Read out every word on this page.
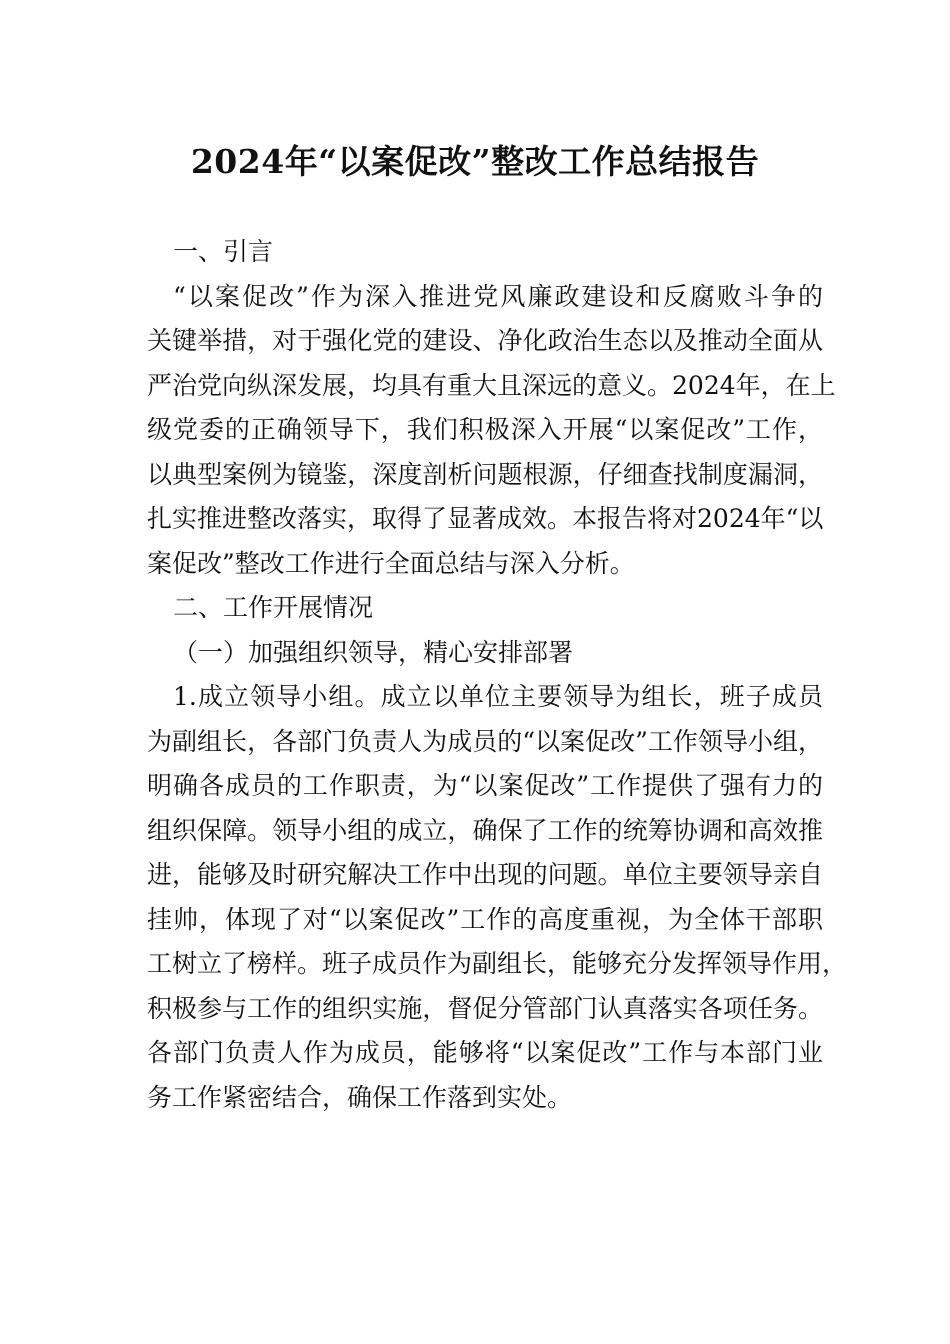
2024年“以案促改”整改工作总结报告
一、引言
“以案促改”作为深入推进党风廉政建设和反腐败斗争的
关键举措，对于强化党的建设、净化政治生态以及推动全面从
严治党向纵深发展，均具有重大且深远的意义。2024年，在上
级党委的正确领导下，我们积极深入开展“以案促改”工作，
以典型案例为镜鉴，深度剖析问题根源，仔细查找制度漏洞，
扎实推进整改落实，取得了显著成效。本报告将对2024年“以
案促改”整改工作进行全面总结与深入分析。
二、工作开展情况
（一）加强组织领导，精心安排部署
1.成立领导小组。成立以单位主要领导为组长，班子成员
为副组长，各部门负责人为成员的“以案促改”工作领导小组，
明确各成员的工作职责，为“以案促改”工作提供了强有力的
组织保障。领导小组的成立，确保了工作的统筹协调和高效推
进，能够及时研究解决工作中出现的问题。单位主要领导亲自
挂帅，体现了对“以案促改”工作的高度重视，为全体干部职
工树立了榜样。班子成员作为副组长，能够充分发挥领导作用，
积极参与工作的组织实施，督促分管部门认真落实各项任务。
各部门负责人作为成员，能够将“以案促改”工作与本部门业
务工作紧密结合，确保工作落到实处。
